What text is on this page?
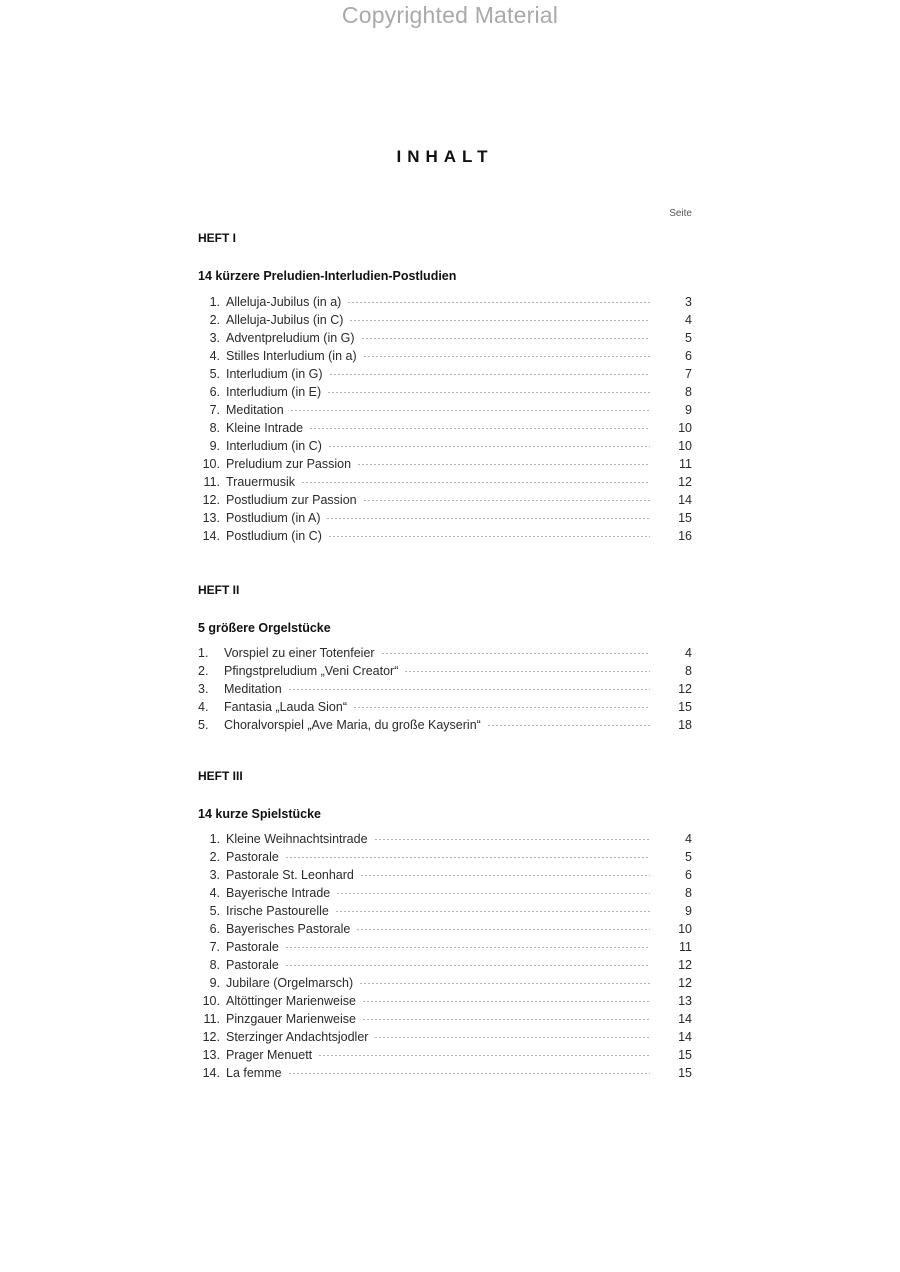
Copyrighted Material
INHALT
Seite
HEFT I
14 kürzere Preludien-Interludien-Postludien
1. Alleluja-Jubilus (in a)	3
2. Alleluja-Jubilus (in C)	4
3. Adventpreludium (in G)	5
4. Stilles Interludium (in a)	6
5. Interludium (in G)	7
6. Interludium (in E)	8
7. Meditation	9
8. Kleine Intrade	10
9. Interludium (in C)	10
10. Preludium zur Passion	11
11. Trauermusik	12
12. Postludium zur Passion	14
13. Postludium (in A)	15
14. Postludium (in C)	16
HEFT II
5 größere Orgelstücke
1. Vorspiel zu einer Totenfeier	4
2. Pfingstpreludium „Veni Creator“	8
3. Meditation	12
4. Fantasia „Lauda Sion“	15
5. Choralvorspiel „Ave Maria, du große Kayserin“	18
HEFT III
14 kurze Spielstücke
1. Kleine Weihnachtsintrade	4
2. Pastorale	5
3. Pastorale St. Leonhard	6
4. Bayerische Intrade	8
5. Irische Pastourelle	9
6. Bayerisches Pastorale	10
7. Pastorale	11
8. Pastorale	12
9. Jubilare (Orgelmarsch)	12
10. Altöttinger Marienweise	13
11. Pinzgauer Marienweise	14
12. Sterzinger Andachtsjodler	14
13. Prager Menuett	15
14. La femme	15
